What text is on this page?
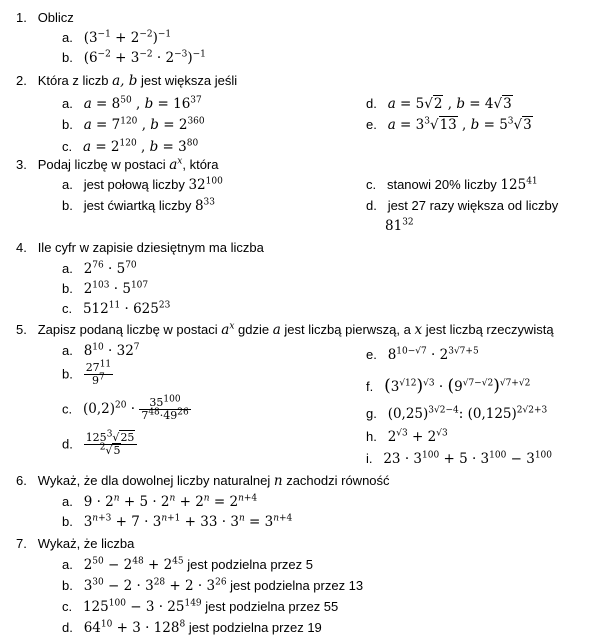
1. Oblicz
a. $(3^{-1} + 2^{-2})^{-1}$
b. $(6^{-2} + 3^{-2} \cdot 2^{-3})^{-1}$
2. Która z liczb a, b jest większa jeśli
a. $a = 8^{50}$ , $b = 16^{37}$
b. $a = 7^{120}$ , $b = 2^{360}$
c. $a = 2^{120}$ , $b = 3^{80}$
d. a = 5√2 , b = 4√3
e. $a = 3^3√13$ , $b = 5^3√3$
3. Podaj liczbę w postaci $a^x$, która
a. jest połową liczby $32^{100}$
b. jest ćwiartką liczby $8^{33}$
c. stanowi 20% liczby $125^{41}$
d. jest 27 razy większa od liczby
$81^{32}$
4. Ile cyfr w zapisie dziesiętnym ma liczba
a. $2^{76} \cdot 5^{70}$
b. $2^{103} \cdot 5^{107}$
c. $512^{11} \cdot 625^{23}$
5. Zapisz podaną liczbę w postaci $a^x$ gdzie a jest liczbą pierwszą, a x jest liczbą rzeczywistą
a. $8^{10} \cdot 32^7$
b. $\frac{27^{11}}{9^7}$
c. $(0,2)^{20} \cdot \frac{35^{100}}{7^{48}\cdot 49^{26}}$
d. $\frac{125^3√25}{^2√5}$
e. $8^{10-√7} \cdot 2^{3√7+5}$
f. $(3^{√12})^{√3} \cdot (9^{√7-√2})^{√7+√2}$
g. $(0,25)^{3√2-4}$: $(0,125)^{2√2+3}$
h. $2^{√3} + 2^{√3}$
i. $23 \cdot 3^{100} + 5 \cdot 3^{100} - 3^{100}$
6. Wykaż, że dla dowolnej liczby naturalnej n zachodzi równość
a. $9 \cdot 2^n + 5 \cdot 2^n + 2^n = 2^{n+4}$
b. $3^{n+3} + 7 \cdot 3^{n+1} + 33 \cdot 3^n = 3^{n+4}$
7. Wykaż, że liczba
a. $2^{50} - 2^{48} + 2^{45}$ jest podzielna przez 5
b. $3^{30} - 2 \cdot 3^{28} + 2 \cdot 3^{26}$ jest podzielna przez 13
c. $125^{100} - 3 \cdot 25^{149}$ jest podzielna przez 55
d. $64^{10} + 3 \cdot 128^8$ jest podzielna przez 19
